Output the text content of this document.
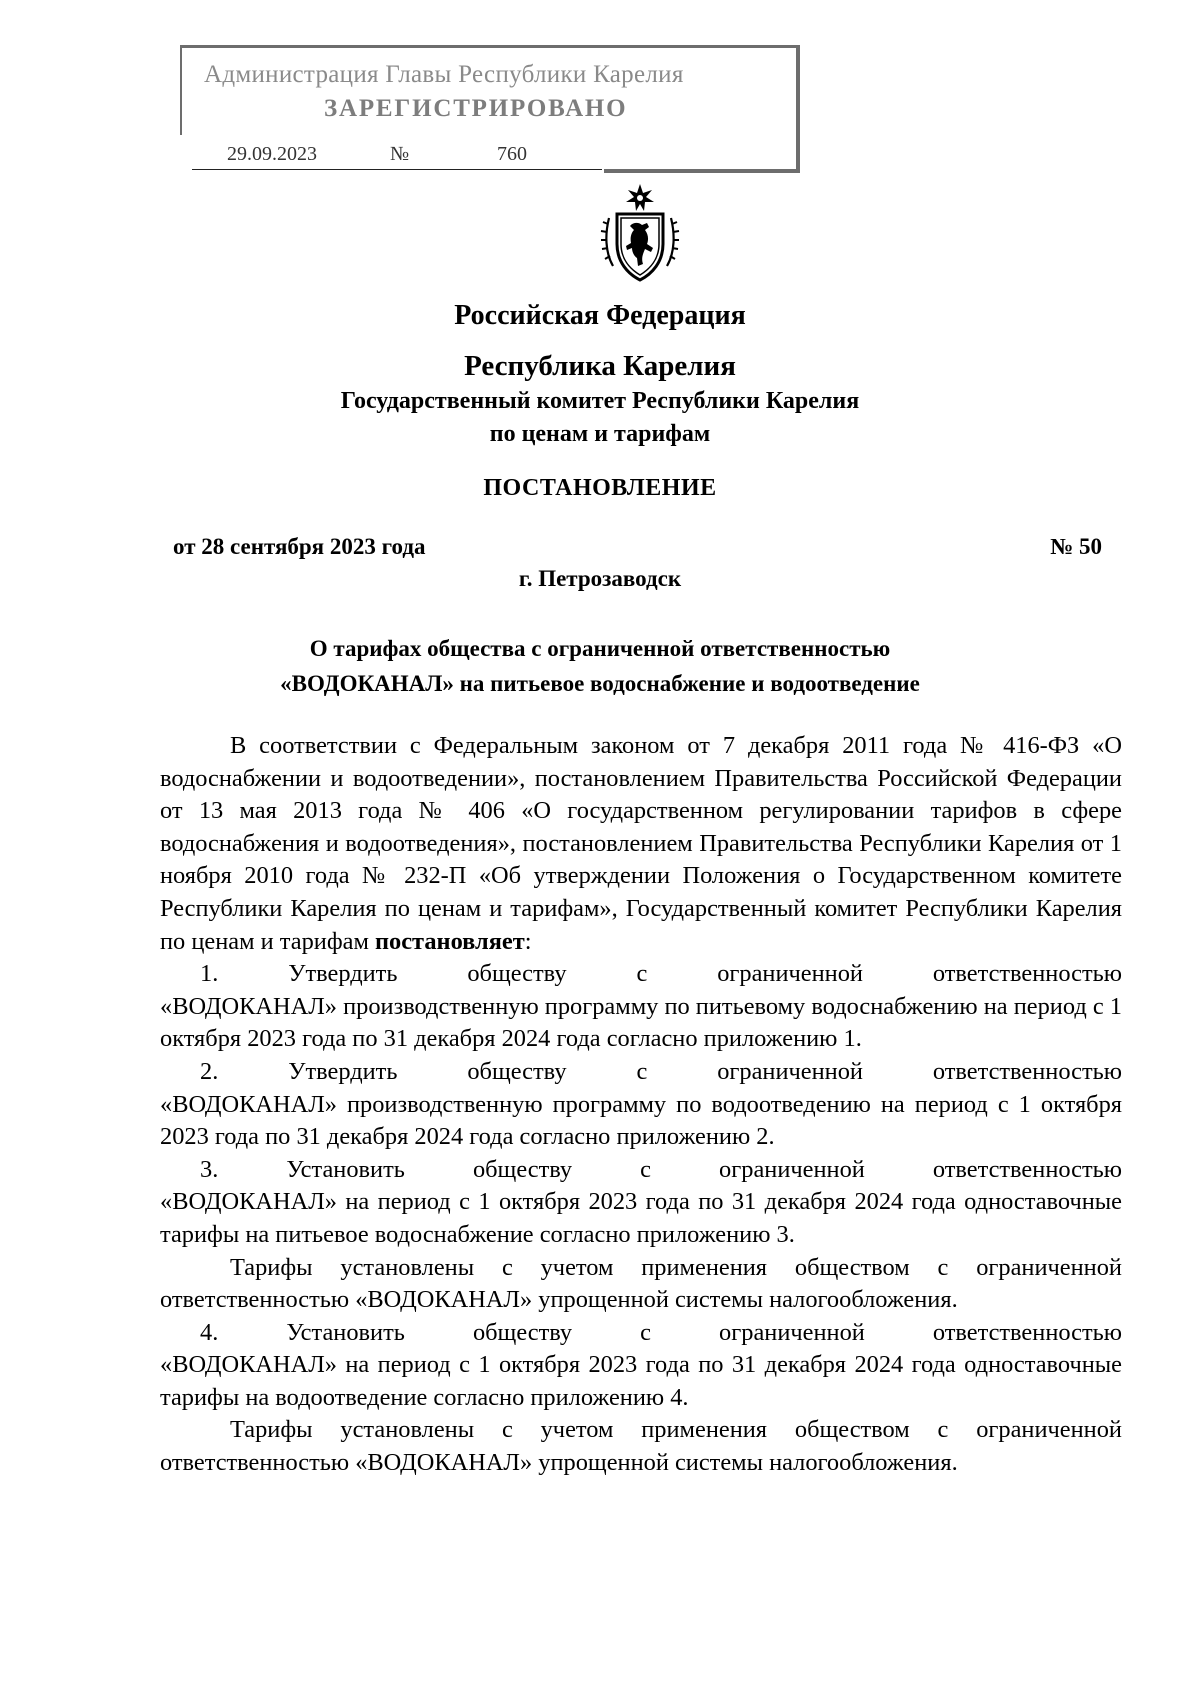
Администрация Главы Республики Карелия
ЗАРЕГИСТРИРОВАНО
29.09.2023	№	760
Российская Федерация
Республика Карелия
Государственный комитет Республики Карелия
по ценам и тарифам
ПОСТАНОВЛЕНИЕ
от 28 сентября 2023 года	№ 50
г. Петрозаводск
О тарифах общества с ограниченной ответственностью
«ВОДОКАНАЛ» на питьевое водоснабжение и водоотведение

В соответствии с Федеральным законом от 7 декабря 2011 года № 416-ФЗ «О водоснабжении и водоотведении», постановлением Правительства Российской Федерации от 13 мая 2013 года № 406 «О государственном регулировании тарифов в сфере водоснабжения и водоотведения», постановлением Правительства Республики Карелия от 1 ноября 2010 года № 232-П «Об утверждении Положения о Государственном комитете Республики Карелия по ценам и тарифам», Государственный комитет Республики Карелия по ценам и тарифам постановляет:

1. Утвердить обществу с ограниченной ответственностью

«ВОДОКАНАЛ» производственную программу по питьевому водоснабжению на период с 1 октября 2023 года по 31 декабря 2024 года согласно приложению 1.

2. Утвердить обществу с ограниченной ответственностью

«ВОДОКАНАЛ» производственную программу по водоотведению на период с 1 октября 2023 года по 31 декабря 2024 года согласно приложению 2.

3. Установить обществу с ограниченной ответственностью

«ВОДОКАНАЛ» на период с 1 октября 2023 года по 31 декабря 2024 года одноставочные тарифы на питьевое водоснабжение согласно приложению 3.

Тарифы установлены с учетом применения обществом с ограниченной ответственностью «ВОДОКАНАЛ» упрощенной системы налогообложения.

4. Установить обществу с ограниченной ответственностью

«ВОДОКАНАЛ» на период с 1 октября 2023 года по 31 декабря 2024 года одноставочные тарифы на водоотведение согласно приложению 4.

Тарифы установлены с учетом применения обществом с ограниченной ответственностью «ВОДОКАНАЛ» упрощенной системы налогообложения.
